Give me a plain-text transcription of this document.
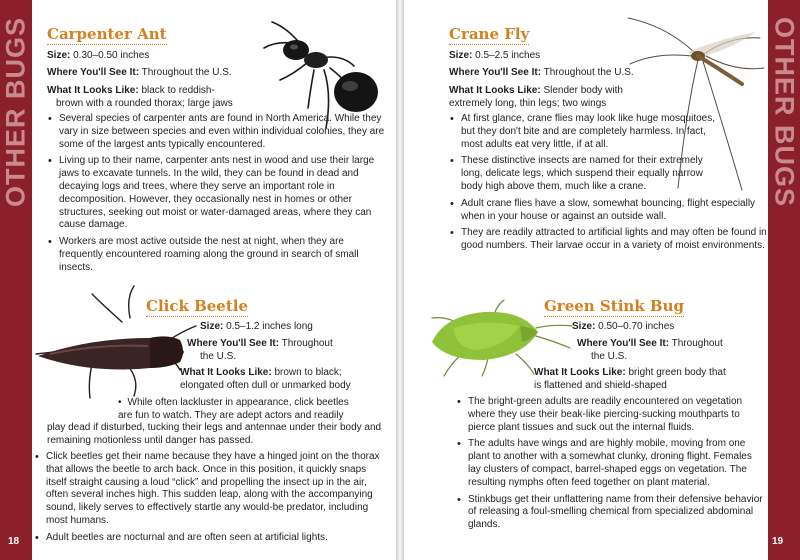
OTHER BUGS
18
Carpenter Ant
Size: 0.30–0.50 inches
Where You'll See It: Throughout the U.S.
What It Looks Like: black to reddish-
brown with a rounded thorax; large jaws
• Several species of carpenter ants are found in North America. While they vary in size between species and even within individual colonies, they are some of the largest ants typically encountered.
• Living up to their name, carpenter ants nest in wood and use their large jaws to excavate tunnels. In the wild, they can be found in dead and decaying logs and trees, where they serve an important role in decomposition. However, they occasionally nest in homes or other structures, seeking out moist or water-damaged areas, where they can cause damage.
• Workers are most active outside the nest at night, when they are frequently encountered roaming along the ground in search of small insects.
Click Beetle
Size: 0.5–1.2 inches long
Where You'll See It: Throughout
the U.S.
What It Looks Like: brown to black;
elongated often dull or unmarked body
• While often lackluster in appearance, click beetles
are fun to watch. They are adept actors and readily
play dead if disturbed, tucking their legs and antennae under their body and remaining motionless until danger has passed.
• Click beetles get their name because they have a hinged joint on the thorax that allows the beetle to arch back. Once in this position, it quickly snaps itself straight causing a loud “click” and propelling the insect up in the air, often several inches high. This sudden leap, along with the accompanying sound, likely serves to effectively startle any would-be predator, including most humans.
• Adult beetles are nocturnal and are often seen at artificial lights.
Crane Fly
Size: 0.5–2.5 inches
Where You'll See It: Throughout the U.S.
What It Looks Like: Slender body with
extremely long, thin legs; two wings
• At first glance, crane flies may look like huge mosquitoes, but they don't bite and are completely harmless. In fact, most adults eat very little, if at all.
• These distinctive insects are named for their extremely long, delicate legs, which suspend their equally narrow body high above them, much like a crane.
• Adult crane flies have a slow, somewhat bouncing, flight especially when in your house or against an outside wall.
• They are readily attracted to artificial lights and may often be found in good numbers. Their larvae occur in a variety of moist environments.
Green Stink Bug
Size: 0.50–0.70 inches
Where You'll See It: Throughout
the U.S.
What It Looks Like: bright green body that
is flattened and shield-shaped
• The bright-green adults are readily encountered on vegetation where they use their beak-like piercing-sucking mouthparts to pierce plant tissues and suck out the internal fluids.
• The adults have wings and are highly mobile, moving from one plant to another with a somewhat clunky, droning flight. Females lay clusters of compact, barrel-shaped eggs on vegetation. The resulting nymphs often feed together on plant material.
• Stinkbugs get their unflattering name from their defensive behavior of releasing a foul-smelling chemical from specialized abdominal glands.
OTHER BUGS
19
